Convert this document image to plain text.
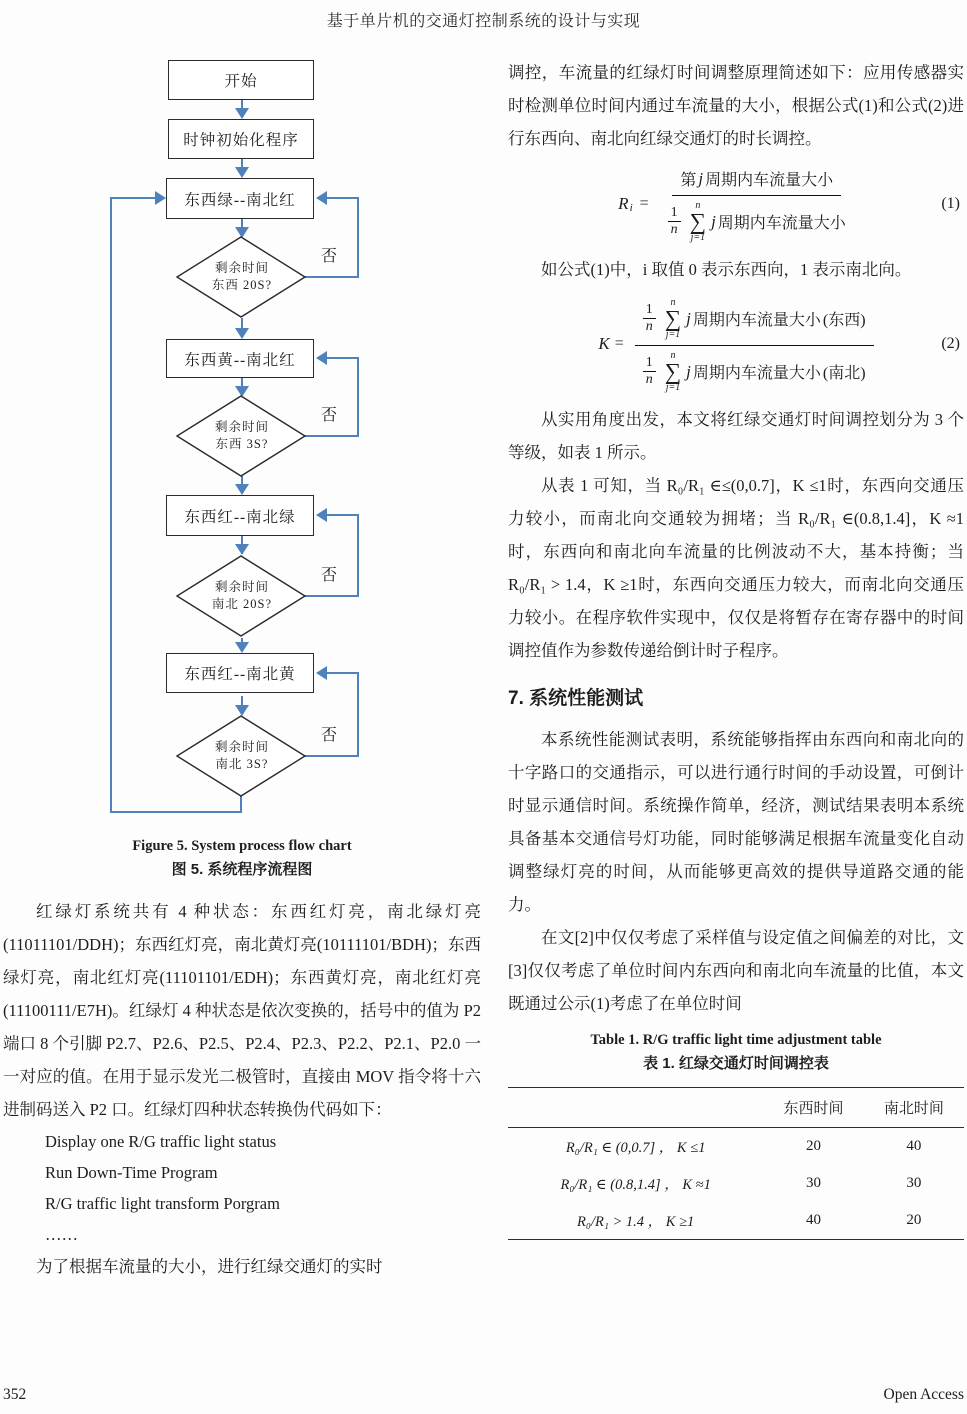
基于单片机的交通灯控制系统的设计与实现
开始
时钟初始化程序
东西绿--南北红
东西黄--南北红
东西红--南北绿
东西红--南北黄
剩余时间
东西 20S?
剩余时间
东西 3S?
剩余时间
南北 20S?
剩余时间
南北 3S?
否
否
否
否
Figure 5. System process flow chart
图 5. 系统程序流程图

红绿灯系统共有 4 种状态：东西红灯亮，南北绿灯亮(11011101/DDH)；东西红灯亮，南北黄灯亮(10111101/BDH)；东西绿灯亮，南北红灯亮(11101101/EDH)；东西黄灯亮，南北红灯亮(11100111/E7H)。红绿灯 4 种状态是依次变换的，括号中的值为 P2 端口 8 个引脚 P2.7、P2.6、P2.5、P2.4、P2.3、P2.2、P2.1、P2.0 一一对应的值。在用于显示发光二极管时，直接由 MOV 指令将十六进制码送入 P2 口。红绿灯四种状态转换伪代码如下：

Display one R/G traffic light status
Run Down-Time Program
R/G traffic light transform Porgram
……

为了根据车流量的大小，进行红绿交通灯的实时

调控，车流量的红绿灯时间调整原理简述如下：应用传感器实时检测单位时间内通过车流量的大小，根据公式(1)和公式(2)进行东西向、南北向红绿交通灯的时长调控。

$R_i$ = 第 j 周期内车流量大小
1
n
n
∑
j=1
j 周期内车流量大小	(1)

如公式(1)中，i 取值 0 表示东西向，1 表示南北向。

K = 1
n
n
∑
j=1
j 周期内车流量大小 (东西)
1
n
n
∑
j=1
j 周期内车流量大小 (南北)	(2)

从实用角度出发，本文将红绿交通灯时间调控划分为 3 个等级，如表 1 所示。

从表 1 可知，当 R₀/R₁ ∈≤(0,0.7]，K ≤1时，东西向交通压力较小，而南北向交通较为拥堵；当 R₀/R₁ ∈(0.8,1.4]，K ≈1时，东西向和南北向车流量的比例波动不大，基本持衡；当 R₀/R₁ > 1.4，K ≥1时，东西向交通压力较大，而南北向交通压力较小。在程序软件实现中，仅仅是将暂存在寄存器中的时间调控值作为参数传递给倒计时子程序。

7. 系统性能测试

本系统性能测试表明，系统能够指挥由东西向和南北向的十字路口的交通指示，可以进行通行时间的手动设置，可倒计时显示通信时间。系统操作简单，经济，测试结果表明本系统具备基本交通信号灯功能，同时能够满足根据车流量变化自动调整绿灯亮的时间，从而能够更高效的提供导道路交通的能力。

在文[2]中仅仅考虑了采样值与设定值之间偏差的对比，文[3]仅仅考虑了单位时间内东西向和南北向车流量的比值，本文既通过公示(1)考虑了在单位时间

Table 1. R/G traffic light time adjustment table
表 1. 红绿交通灯时间调控表
	东西时间	南北时间
R₀/R₁ ∈ (0,0.7] ， K ≤1	20	40
R₀/R₁ ∈ (0.8,1.4] ， K ≈1	30	30
R₀/R₁ > 1.4 ， K ≥1	40	20
352	Open Access
